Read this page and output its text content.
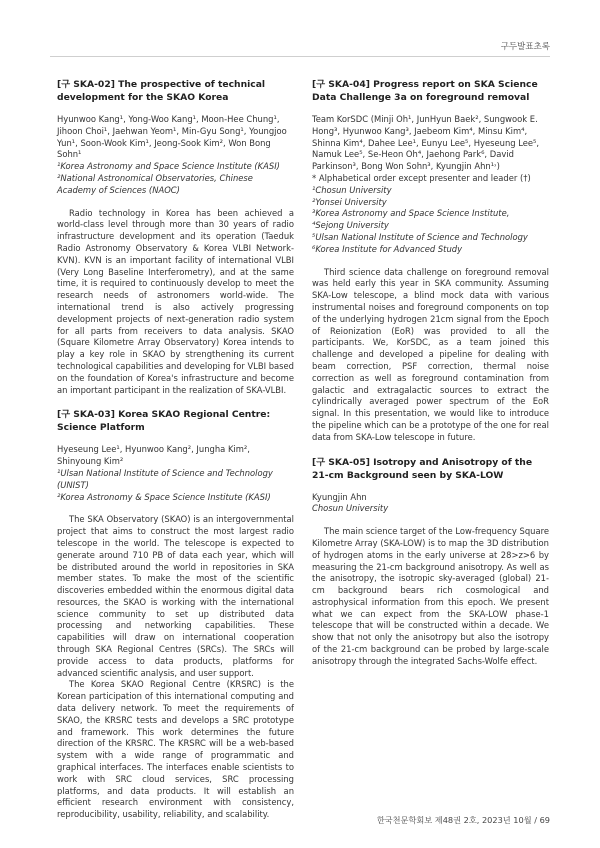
구두발표초록

[구 SKA-02] The prospective of technical development for the SKAO Korea

Hyunwoo Kang¹, Yong-Woo Kang¹, Moon-Hee Chung¹, Jihoon Choi¹, Jaehwan Yeom¹, Min-Gyu Song¹, Youngjoo Yun¹, Soon-Wook Kim¹, Jeong-Sook Kim², Won Bong Sohn¹

¹Korea Astronomy and Space Science Institute (KASI)

²National Astronomical Observatories, Chinese Academy of Sciences (NAOC)

Radio technology in Korea has been achieved a world-class level through more than 30 years of radio infrastructure development and its operation (Taeduk Radio Astronomy Observatory & Korea VLBI Network-KVN). KVN is an important facility of international VLBI (Very Long Baseline Interferometry), and at the same time, it is required to continuously develop to meet the research needs of astronomers world-wide. The international trend is also actively progressing development projects of next-generation radio system for all parts from receivers to data analysis. SKAO (Square Kilometre Array Observatory) Korea intends to play a key role in SKAO by strengthening its current technological capabilities and developing for VLBI based on the foundation of Korea's infrastructure and become an important participant in the realization of SKA-VLBI.

[구 SKA-03] Korea SKAO Regional Centre: Science Platform

Hyeseung Lee¹, Hyunwoo Kang², Jungha Kim², Shinyoung Kim²

¹Ulsan National Institute of Science and Technology (UNIST)

²Korea Astronomy & Space Science Institute (KASI)

The SKA Observatory (SKAO) is an intergovernmental project that aims to construct the most largest radio telescope in the world. The telescope is expected to generate around 710 PB of data each year, which will be distributed around the world in repositories in SKA member states. To make the most of the scientific discoveries embedded within the enormous digital data resources, the SKAO is working with the international science community to set up distributed data processing and networking capabilities. These capabilities will draw on international cooperation through SKA Regional Centres (SRCs). The SRCs will provide access to data products, platforms for advanced scientific analysis, and user support.

The Korea SKAO Regional Centre (KRSRC) is the Korean participation of this international computing and data delivery network. To meet the requirements of SKAO, the KRSRC tests and develops a SRC prototype and framework. This work determines the future direction of the KRSRC. The KRSRC will be a web-based system with a wide range of programmatic and graphical interfaces. The interfaces enable scientists to work with SRC cloud services, SRC processing platforms, and data products. It will establish an efficient research environment with consistency, reproducibility, usability, reliability, and scalability.

[구 SKA-04] Progress report on SKA Science Data Challenge 3a on foreground removal

Team KorSDC (Minji Oh¹, JunHyun Baek², Sungwook E. Hong³, Hyunwoo Kang³, Jaebeom Kim⁴, Minsu Kim⁴, Shinna Kim⁴, Dahee Lee¹, Eunyu Lee⁵, Hyeseung Lee⁵, Namuk Lee⁵, Se-Heon Oh⁴, Jaehong Park⁶, David Parkinson³, Bong Won Sohn³, Kyungjin Ahn¹˒)

* Alphabetical order except presenter and leader (†)

¹Chosun University

²Yonsei University

³Korea Astronomy and Space Science Institute,

⁴Sejong University

⁵Ulsan National Institute of Science and Technology

⁶Korea Institute for Advanced Study

Third science data challenge on foreground removal was held early this year in SKA community. Assuming SKA-Low telescope, a blind mock data with various instrumental noises and foreground components on top of the underlying hydrogen 21cm signal from the Epoch of Reionization (EoR) was provided to all the participants. We, KorSDC, as a team joined this challenge and developed a pipeline for dealing with beam correction, PSF correction, thermal noise correction as well as foreground contamination from galactic and extragalactic sources to extract the cylindrically averaged power spectrum of the EoR signal. In this presentation, we would like to introduce the pipeline which can be a prototype of the one for real data from SKA-Low telescope in future.

[구 SKA-05] Isotropy and Anisotropy of the 21-cm Background seen by SKA-LOW

Kyungjin Ahn

Chosun University

The main science target of the Low-frequency Square Kilometre Array (SKA-LOW) is to map the 3D distribution of hydrogen atoms in the early universe at 28>z>6 by measuring the 21-cm background anisotropy. As well as the anisotropy, the isotropic sky-averaged (global) 21-cm background bears rich cosmological and astrophysical information from this epoch. We present what we can expect from the SKA-LOW phase-1 telescope that will be constructed within a decade. We show that not only the anisotropy but also the isotropy of the 21-cm background can be probed by large-scale anisotropy through the integrated Sachs-Wolfe effect.

한국천문학회보 제48권 2호, 2023년 10월 / 69
